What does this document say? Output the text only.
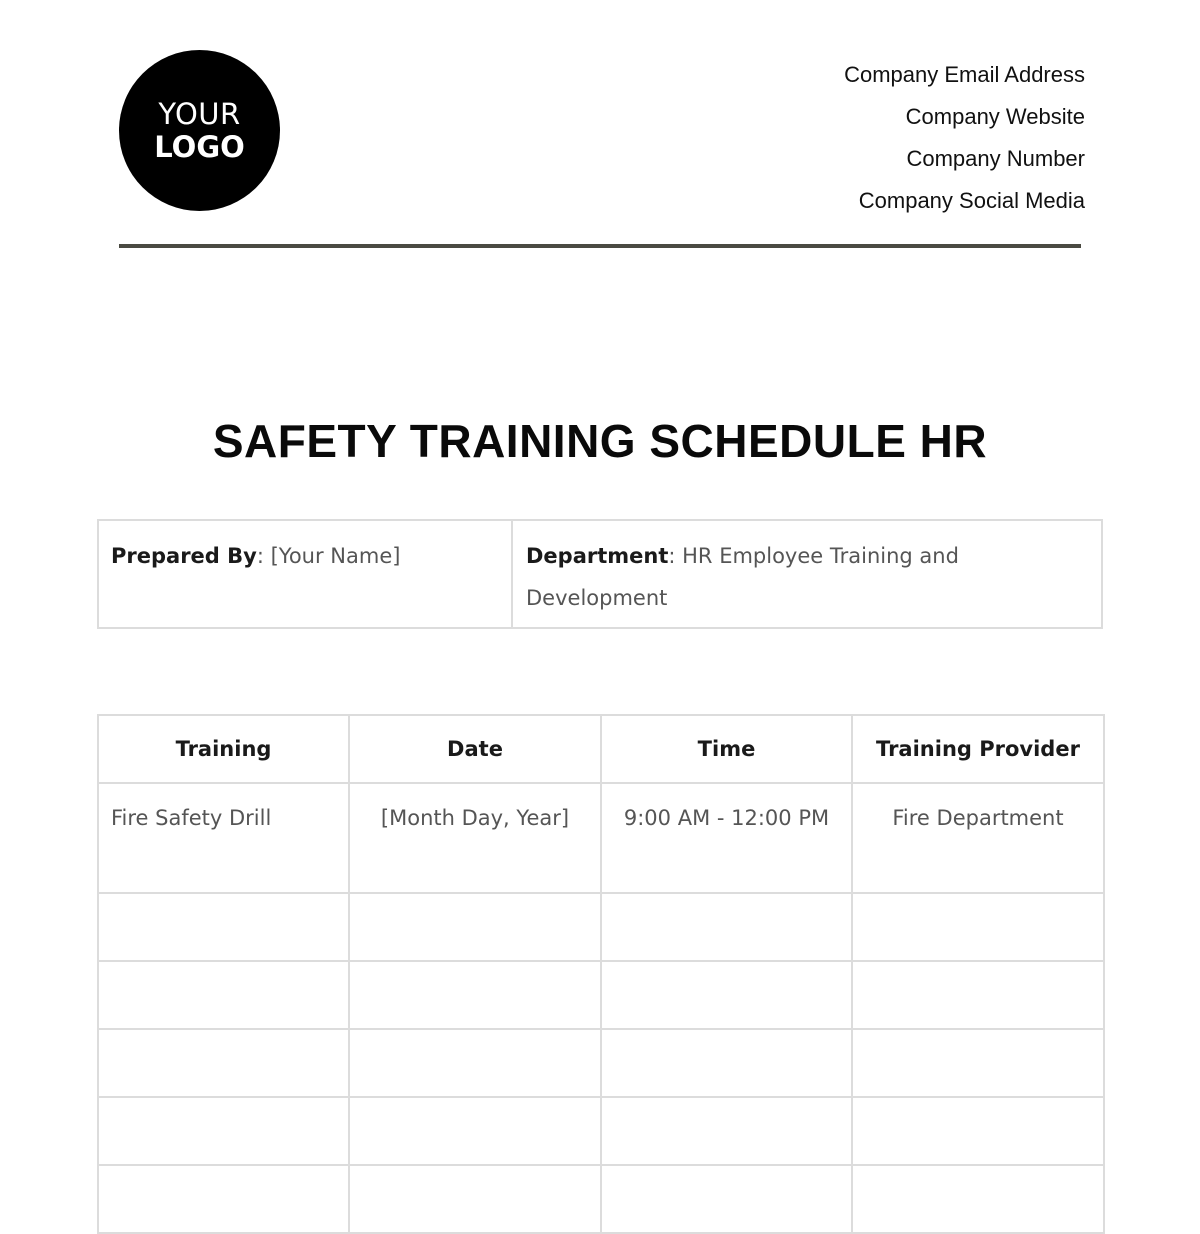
YOUR
LOGO
Company Email Address
Company Website
Company Number
Company Social Media
SAFETY TRAINING SCHEDULE HR
Prepared By: [Your Name]	Department: HR Employee Training and Development
Training	Date	Time	Training Provider
Fire Safety Drill	[Month Day, Year]	9:00 AM - 12:00 PM	Fire Department
